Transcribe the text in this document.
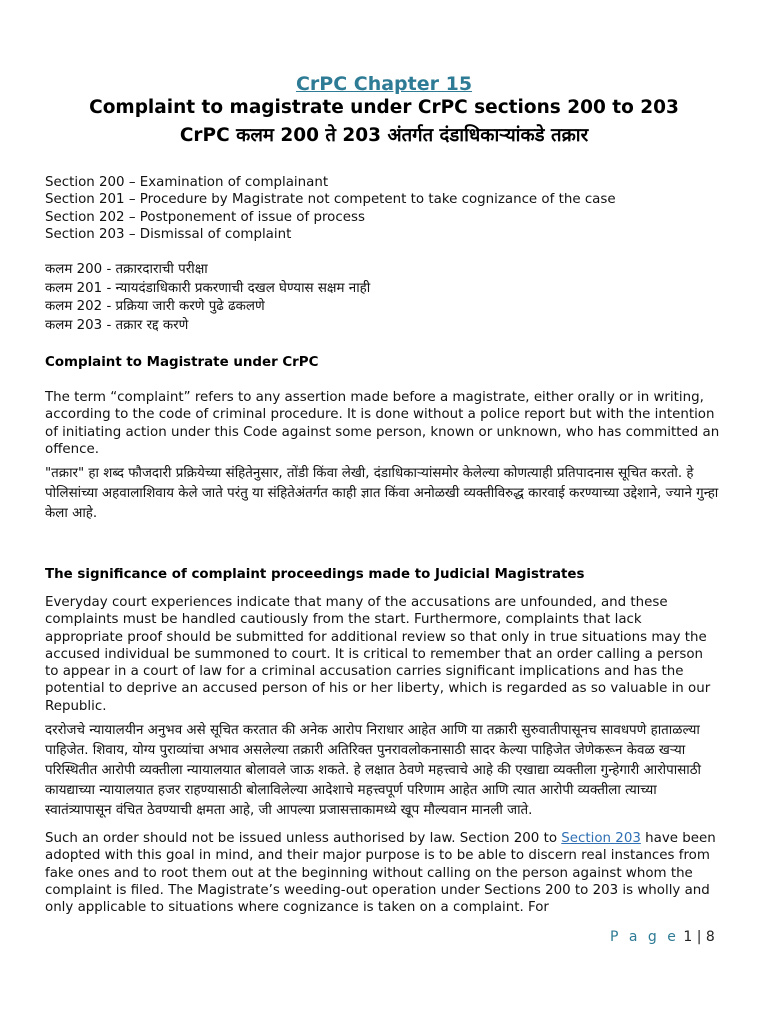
CrPC Chapter 15
Complaint to magistrate under CrPC sections 200 to 203
CrPC कलम 200 ते 203 अंतर्गत दंडाधिकाऱ्यांकडे तक्रार

Section 200 – Examination of complainant

Section 201 – Procedure by Magistrate not competent to take cognizance of the case

Section 202 – Postponement of issue of process

Section 203 – Dismissal of complaint

कलम 200 - तक्रारदाराची परीक्षा

कलम 201 - न्यायदंडाधिकारी प्रकरणाची दखल घेण्यास सक्षम नाही

कलम 202 - प्रक्रिया जारी करणे पुढे ढकलणे

कलम 203 - तक्रार रद्द करणे

Complaint to Magistrate under CrPC

The term “complaint” refers to any assertion made before a magistrate, either orally or in writing, according to the code of criminal procedure. It is done without a police report but with the intention of initiating action under this Code against some person, known or unknown, who has committed an offence.

"तक्रार" हा शब्द फौजदारी प्रक्रियेच्या संहितेनुसार, तोंडी किंवा लेखी, दंडाधिकाऱ्यांसमोर केलेल्या कोणत्याही प्रतिपादनास सूचित करतो. हे पोलिसांच्या अहवालाशिवाय केले जाते परंतु या संहितेअंतर्गत काही ज्ञात किंवा अनोळखी व्यक्तीविरुद्ध कारवाई करण्याच्या उद्देशाने, ज्याने गुन्हा केला आहे.

The significance of complaint proceedings made to Judicial Magistrates

Everyday court experiences indicate that many of the accusations are unfounded, and these complaints must be handled cautiously from the start. Furthermore, complaints that lack appropriate proof should be submitted for additional review so that only in true situations may the accused individual be summoned to court. It is critical to remember that an order calling a person to appear in a court of law for a criminal accusation carries significant implications and has the potential to deprive an accused person of his or her liberty, which is regarded as so valuable in our Republic.

दररोजचे न्यायालयीन अनुभव असे सूचित करतात की अनेक आरोप निराधार आहेत आणि या तक्रारी सुरुवातीपासूनच सावधपणे हाताळल्या पाहिजेत. शिवाय, योग्य पुराव्यांचा अभाव असलेल्या तक्रारी अतिरिक्त पुनरावलोकनासाठी सादर केल्या पाहिजेत जेणेकरून केवळ खऱ्या परिस्थितीत आरोपी व्यक्तीला न्यायालयात बोलावले जाऊ शकते. हे लक्षात ठेवणे महत्त्वाचे आहे की एखाद्या व्यक्तीला गुन्हेगारी आरोपासाठी कायद्याच्या न्यायालयात हजर राहण्यासाठी बोलाविलेल्या आदेशाचे महत्त्वपूर्ण परिणाम आहेत आणि त्यात आरोपी व्यक्तीला त्याच्या स्वातंत्र्यापासून वंचित ठेवण्याची क्षमता आहे, जी आपल्या प्रजासत्ताकामध्ये खूप मौल्यवान मानली जाते.

Such an order should not be issued unless authorised by law. Section 200 to Section 203 have been adopted with this goal in mind, and their major purpose is to be able to discern real instances from fake ones and to root them out at the beginning without calling on the person against whom the complaint is filed. The Magistrate’s weeding-out operation under Sections 200 to 203 is wholly and only applicable to situations where cognizance is taken on a complaint. For

P a g e 1 | 8
